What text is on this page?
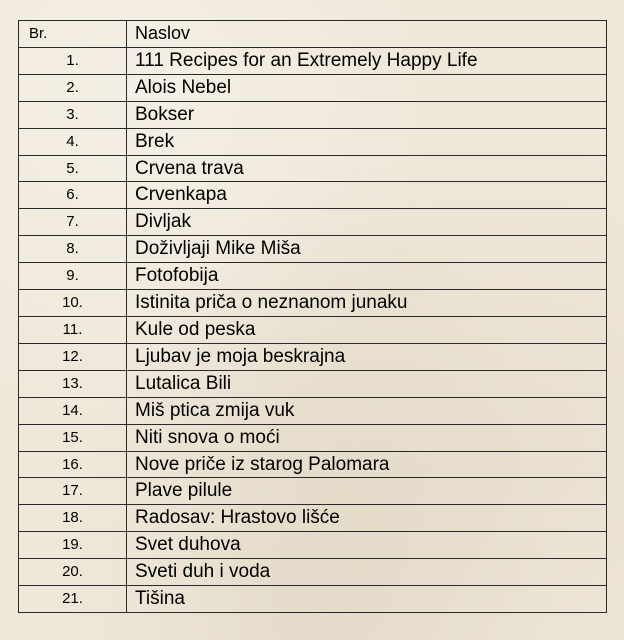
Br.	Naslov
1.	111 Recipes for an Extremely Happy Life
2.	Alois Nebel
3.	Bokser
4.	Brek
5.	Crvena trava
6.	Crvenkapa
7.	Divljak
8.	Doživljaji Mike Miša
9.	Fotofobija
10.	Istinita priča o neznanom junaku
11.	Kule od peska
12.	Ljubav je moja beskrajna
13.	Lutalica Bili
14.	Miš ptica zmija vuk
15.	Niti snova o moći
16.	Nove priče iz starog Palomara
17.	Plave pilule
18.	Radosav: Hrastovo lišće
19.	Svet duhova
20.	Sveti duh i voda
21.	Tišina
